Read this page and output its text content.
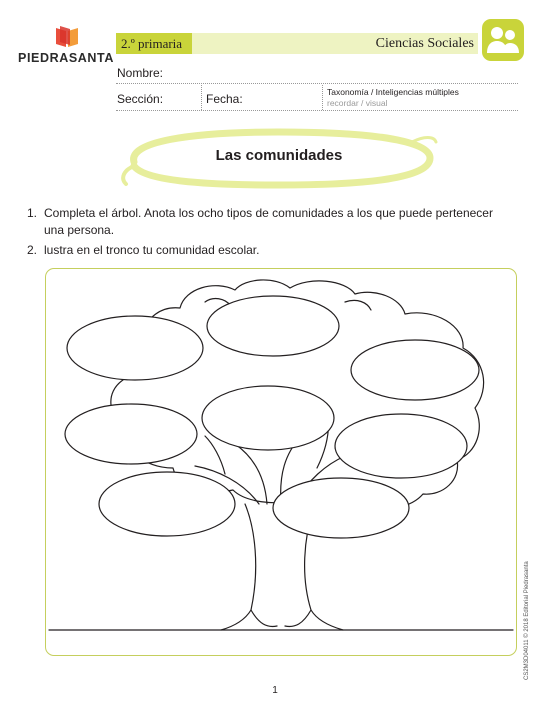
PIEDRASANTA
2.º primaria	Ciencias Sociales
Nombre:
Sección:	Fecha:	Taxonomía / Inteligencias múltiples
recordar / visual
Las comunidades
1. Completa el árbol. Anota los ocho tipos de comunidades a los que puede pertenecer
una persona.
2. lustra en el tronco tu comunidad escolar.
1
CS2M3D04011 © 2018 Editorial Piedrasanta
